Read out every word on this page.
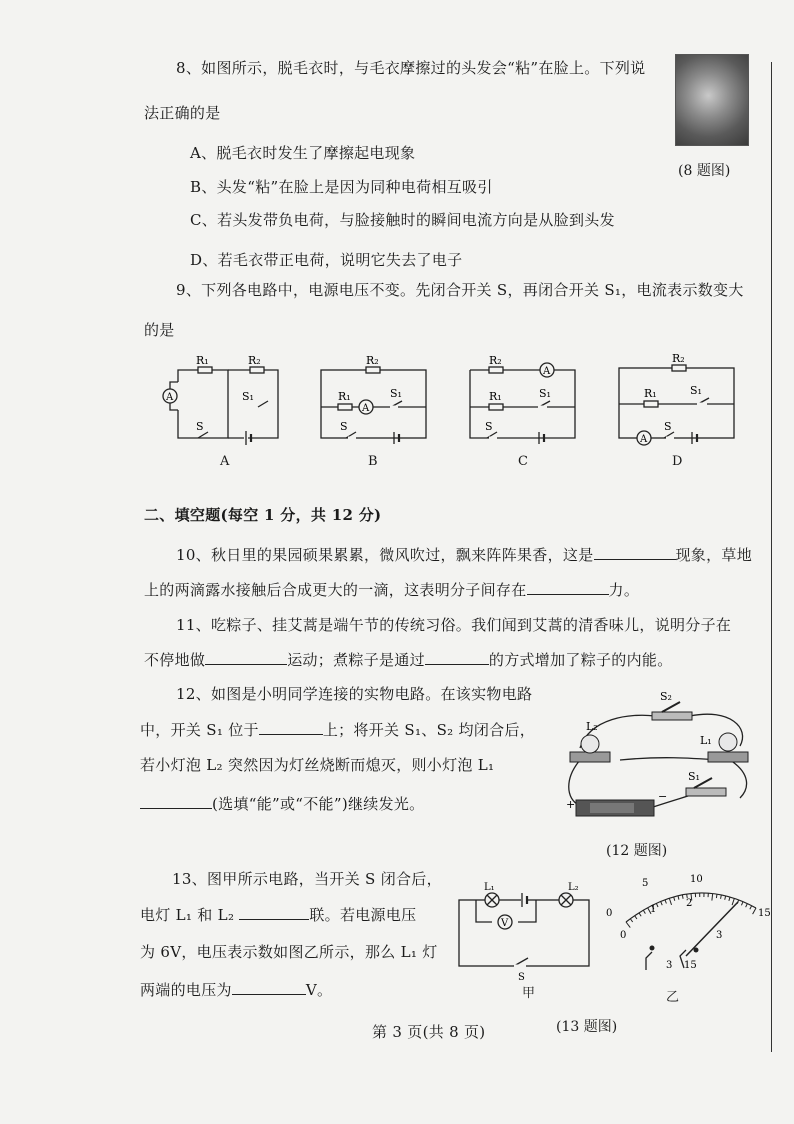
8、如图所示，脱毛衣时，与毛衣摩擦过的头发会“粘”在脸上。下列说
法正确的是
A、脱毛衣时发生了摩擦起电现象
B、头发“粘”在脸上是因为同种电荷相互吸引
C、若头发带负电荷，与脸接触时的瞬间电流方向是从脸到头发
D、若毛衣带正电荷，说明它失去了电子
(8 题图)
9、下列各电路中，电源电压不变。先闭合开关 S，再闭合开关 S₁，电流表示数变大
的是
R₁	R₂
A	S₁
S
A
R₂
R₁
A
S₁
S
B
R₂
A
R₁	S₁
S
C
R₂
R₁	S₁
A
S
D
二、填空题(每空 1 分，共 12 分)
10、秋日里的果园硕果累累，微风吹过，飘来阵阵果香，这是	现象，草地
上的两滴露水接触后合成更大的一滴，这表明分子间存在	力。
11、吃粽子、挂艾蒿是端午节的传统习俗。我们闻到艾蒿的清香味儿，说明分子在
不停地做	运动；煮粽子是通过	的方式增加了粽子的内能。
12、如图是小明同学连接的实物电路。在该实物电路
中，开关 S₁ 位于	上；将开关 S₁、S₂ 均闭合后，
若小灯泡 L₂ 突然因为灯丝烧断而熄灭，则小灯泡 L₁
(选填“能”或“不能”)继续发光。
S₂
L₂
L₁
S₁
+
−
(12 题图)
13、图甲所示电路，当开关 S 闭合后，
电灯 L₁ 和 L₂	联。若电源电压
为 6V，电压表示数如图乙所示，那么 L₁ 灯
两端的电压为	V。
L₁	L₂
V
S
甲
0
5	10
15
0
1
2
3
3 15
乙
(13 题图)
第 3 页(共 8 页)
